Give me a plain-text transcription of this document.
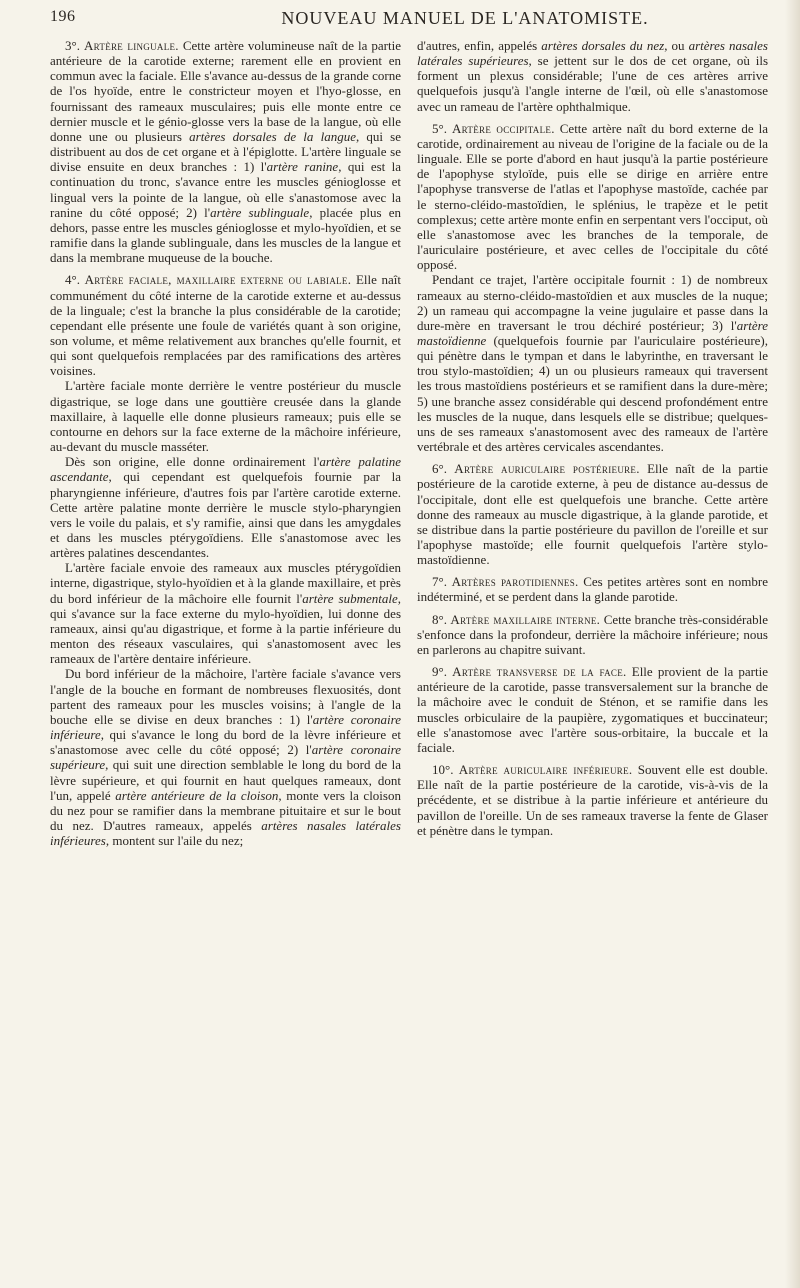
196	NOUVEAU MANUEL DE L'ANATOMISTE.

3°. Artère linguale. Cette artère volumineuse naît de la partie antérieure de la carotide externe; rarement elle en provient en commun avec la faciale. Elle s'avance au-dessus de la grande corne de l'os hyoïde, entre le constricteur moyen et l'hyo-glosse, en fournissant des rameaux musculaires; puis elle monte entre ce dernier muscle et le génio-glosse vers la base de la langue, où elle donne une ou plusieurs artères dorsales de la langue, qui se distribuent au dos de cet organe et à l'épiglotte. L'artère linguale se divise ensuite en deux branches : 1) l'artère ranine, qui est la continuation du tronc, s'avance entre les muscles génioglosse et lingual vers la pointe de la langue, où elle s'anastomose avec la ranine du côté opposé; 2) l'artère sublinguale, placée plus en dehors, passe entre les muscles génioglosse et mylo-hyoïdien, et se ramifie dans la glande sublinguale, dans les muscles de la langue et dans la membrane muqueuse de la bouche.

4°. Artère faciale, maxillaire externe ou labiale. Elle naît communément du côté interne de la carotide externe et au-dessus de la linguale; c'est la branche la plus considérable de la carotide; cependant elle présente une foule de variétés quant à son origine, son volume, et même relativement aux branches qu'elle fournit, et qui sont quelquefois remplacées par des ramifications des artères voisines.

L'artère faciale monte derrière le ventre postérieur du muscle digastrique, se loge dans une gouttière creusée dans la glande maxillaire, à laquelle elle donne plusieurs rameaux; puis elle se contourne en dehors sur la face externe de la mâchoire inférieure, au-devant du muscle masséter.

Dès son origine, elle donne ordinairement l'artère palatine ascendante, qui cependant est quelquefois fournie par la pharyngienne inférieure, d'autres fois par l'artère carotide externe. Cette artère palatine monte derrière le muscle stylo-pharyngien vers le voile du palais, et s'y ramifie, ainsi que dans les amygdales et dans les muscles ptérygoïdiens. Elle s'anastomose avec les artères palatines descendantes.

L'artère faciale envoie des rameaux aux muscles ptérygoïdien interne, digastrique, stylo-hyoïdien et à la glande maxillaire, et près du bord inférieur de la mâchoire elle fournit l'artère submentale, qui s'avance sur la face externe du mylo-hyoïdien, lui donne des rameaux, ainsi qu'au digastrique, et forme à la partie inférieure du menton des réseaux vasculaires, qui s'anastomosent avec les rameaux de l'artère dentaire inférieure.

Du bord inférieur de la mâchoire, l'artère faciale s'avance vers l'angle de la bouche en formant de nombreuses flexuosités, dont partent des rameaux pour les muscles voisins; à l'angle de la bouche elle se divise en deux branches : 1) l'artère coronaire inférieure, qui s'avance le long du bord de la lèvre inférieure et s'anastomose avec celle du côté opposé; 2) l'artère coronaire supérieure, qui suit une direction semblable le long du bord de la lèvre supérieure, et qui fournit en haut quelques rameaux, dont l'un, appelé artère antérieure de la cloison, monte vers la cloison du nez pour se ramifier dans la membrane pituitaire et sur le bout du nez. D'autres rameaux, appelés artères nasales latérales inférieures, montent sur l'aile du nez;

d'autres, enfin, appelés artères dorsales du nez, ou artères nasales latérales supérieures, se jettent sur le dos de cet organe, où ils forment un plexus considérable; l'une de ces artères arrive quelquefois jusqu'à l'angle interne de l'œil, où elle s'anastomose avec un rameau de l'artère ophthalmique.

5°. Artère occipitale. Cette artère naît du bord externe de la carotide, ordinairement au niveau de l'origine de la faciale ou de la linguale. Elle se porte d'abord en haut jusqu'à la partie postérieure de l'apophyse styloïde, puis elle se dirige en arrière entre l'apophyse transverse de l'atlas et l'apophyse mastoïde, cachée par le sterno-cléido-mastoïdien, le splénius, le trapèze et le petit complexus; cette artère monte enfin en serpentant vers l'occiput, où elle s'anastomose avec les branches de la temporale, de l'auriculaire postérieure, et avec celles de l'occipitale du côté opposé.

Pendant ce trajet, l'artère occipitale fournit : 1) de nombreux rameaux au sterno-cléido-mastoïdien et aux muscles de la nuque; 2) un rameau qui accompagne la veine jugulaire et passe dans la dure-mère en traversant le trou déchiré postérieur; 3) l'artère mastoïdienne (quelquefois fournie par l'auriculaire postérieure), qui pénètre dans le tympan et dans le labyrinthe, en traversant le trou stylo-mastoïdien; 4) un ou plusieurs rameaux qui traversent les trous mastoïdiens postérieurs et se ramifient dans la dure-mère; 5) une branche assez considérable qui descend profondément entre les muscles de la nuque, dans lesquels elle se distribue; quelques-uns de ses rameaux s'anastomosent avec des rameaux de l'artère vertébrale et des artères cervicales ascendantes.

6°. Artère auriculaire postérieure. Elle naît de la partie postérieure de la carotide externe, à peu de distance au-dessus de l'occipitale, dont elle est quelquefois une branche. Cette artère donne des rameaux au muscle digastrique, à la glande parotide, et se distribue dans la partie postérieure du pavillon de l'oreille et sur l'apophyse mastoïde; elle fournit quelquefois l'artère stylo-mastoïdienne.

7°. Artères parotidiennes. Ces petites artères sont en nombre indéterminé, et se perdent dans la glande parotide.

8°. Artère maxillaire interne. Cette branche très-considérable s'enfonce dans la profondeur, derrière la mâchoire inférieure; nous en parlerons au chapitre suivant.

9°. Artère transverse de la face. Elle provient de la partie antérieure de la carotide, passe transversalement sur la branche de la mâchoire avec le conduit de Sténon, et se ramifie dans les muscles orbiculaire de la paupière, zygomatiques et buccinateur; elle s'anastomose avec l'artère sous-orbitaire, la buccale et la faciale.

10°. Artère auriculaire inférieure. Souvent elle est double. Elle naît de la partie postérieure de la carotide, vis-à-vis de la précédente, et se distribue à la partie inférieure et antérieure du pavillon de l'oreille. Un de ses rameaux traverse la fente de Glaser et pénètre dans le tympan.
